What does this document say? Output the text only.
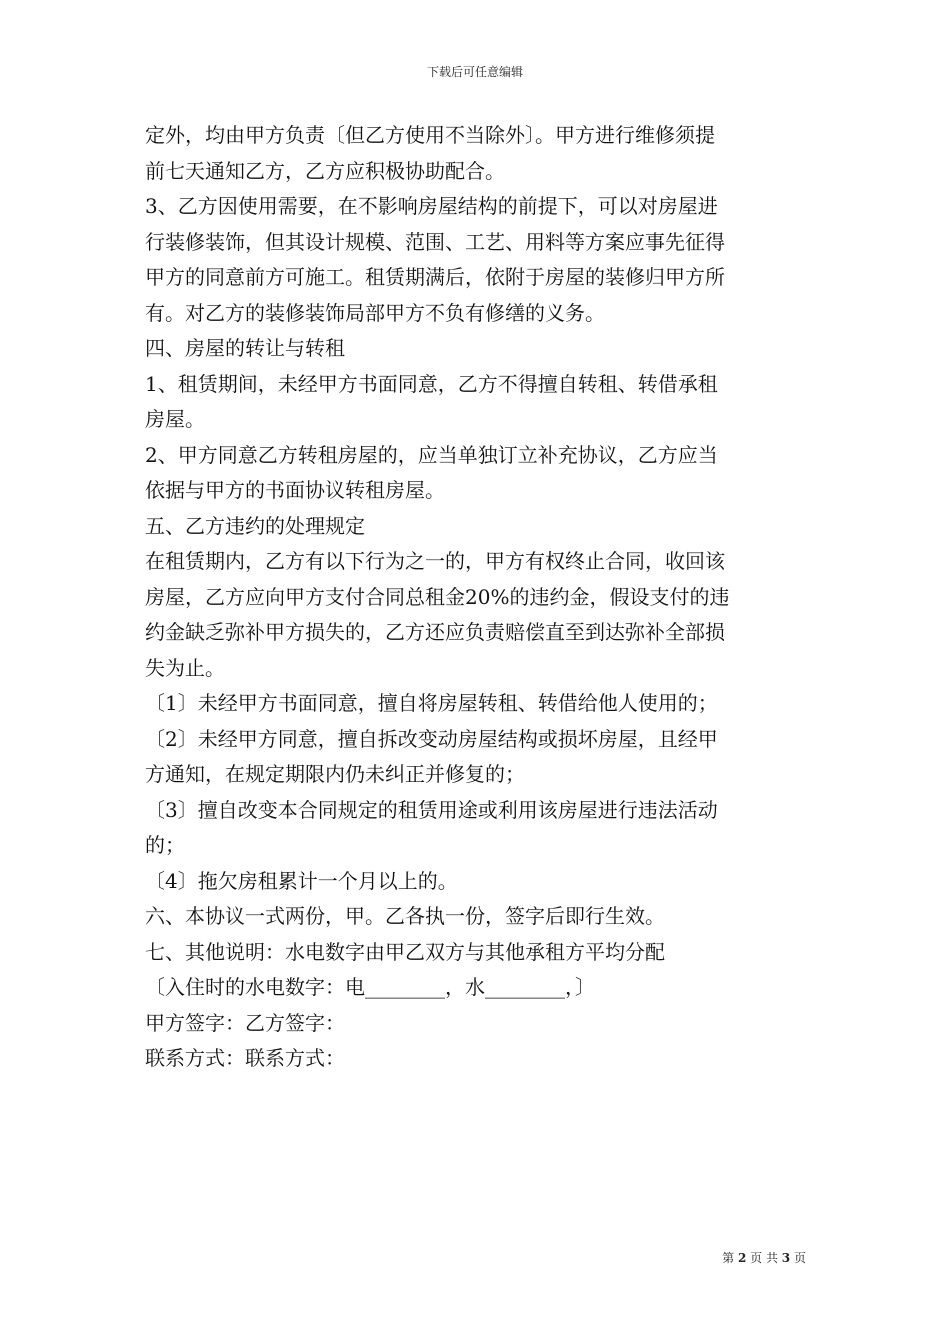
下载后可任意编辑
定外，均由甲方负责〔但乙方使用不当除外〕。甲方进行维修须提
前七天通知乙方，乙方应积极协助配合。
3、乙方因使用需要，在不影响房屋结构的前提下，可以对房屋进
行装修装饰，但其设计规模、范围、工艺、用料等方案应事先征得
甲方的同意前方可施工。租赁期满后，依附于房屋的装修归甲方所
有。对乙方的装修装饰局部甲方不负有修缮的义务。
四、房屋的转让与转租
1、租赁期间，未经甲方书面同意，乙方不得擅自转租、转借承租
房屋。
2、甲方同意乙方转租房屋的，应当单独订立补充协议，乙方应当
依据与甲方的书面协议转租房屋。
五、乙方违约的处理规定
在租赁期内，乙方有以下行为之一的，甲方有权终止合同，收回该
房屋，乙方应向甲方支付合同总租金20%的违约金，假设支付的违
约金缺乏弥补甲方损失的，乙方还应负责赔偿直至到达弥补全部损
失为止。
〔1〕未经甲方书面同意，擅自将房屋转租、转借给他人使用的；
〔2〕未经甲方同意，擅自拆改变动房屋结构或损坏房屋，且经甲
方通知，在规定期限内仍未纠正并修复的；
〔3〕擅自改变本合同规定的租赁用途或利用该房屋进行违法活动
的；
〔4〕拖欠房租累计一个月以上的。
六、本协议一式两份，甲。乙各执一份，签字后即行生效。
七、其他说明：水电数字由甲乙双方与其他承租方平均分配
〔入住时的水电数字：电________，水________，〕
甲方签字：乙方签字：
联系方式：联系方式：
第 2 页 共 3 页
